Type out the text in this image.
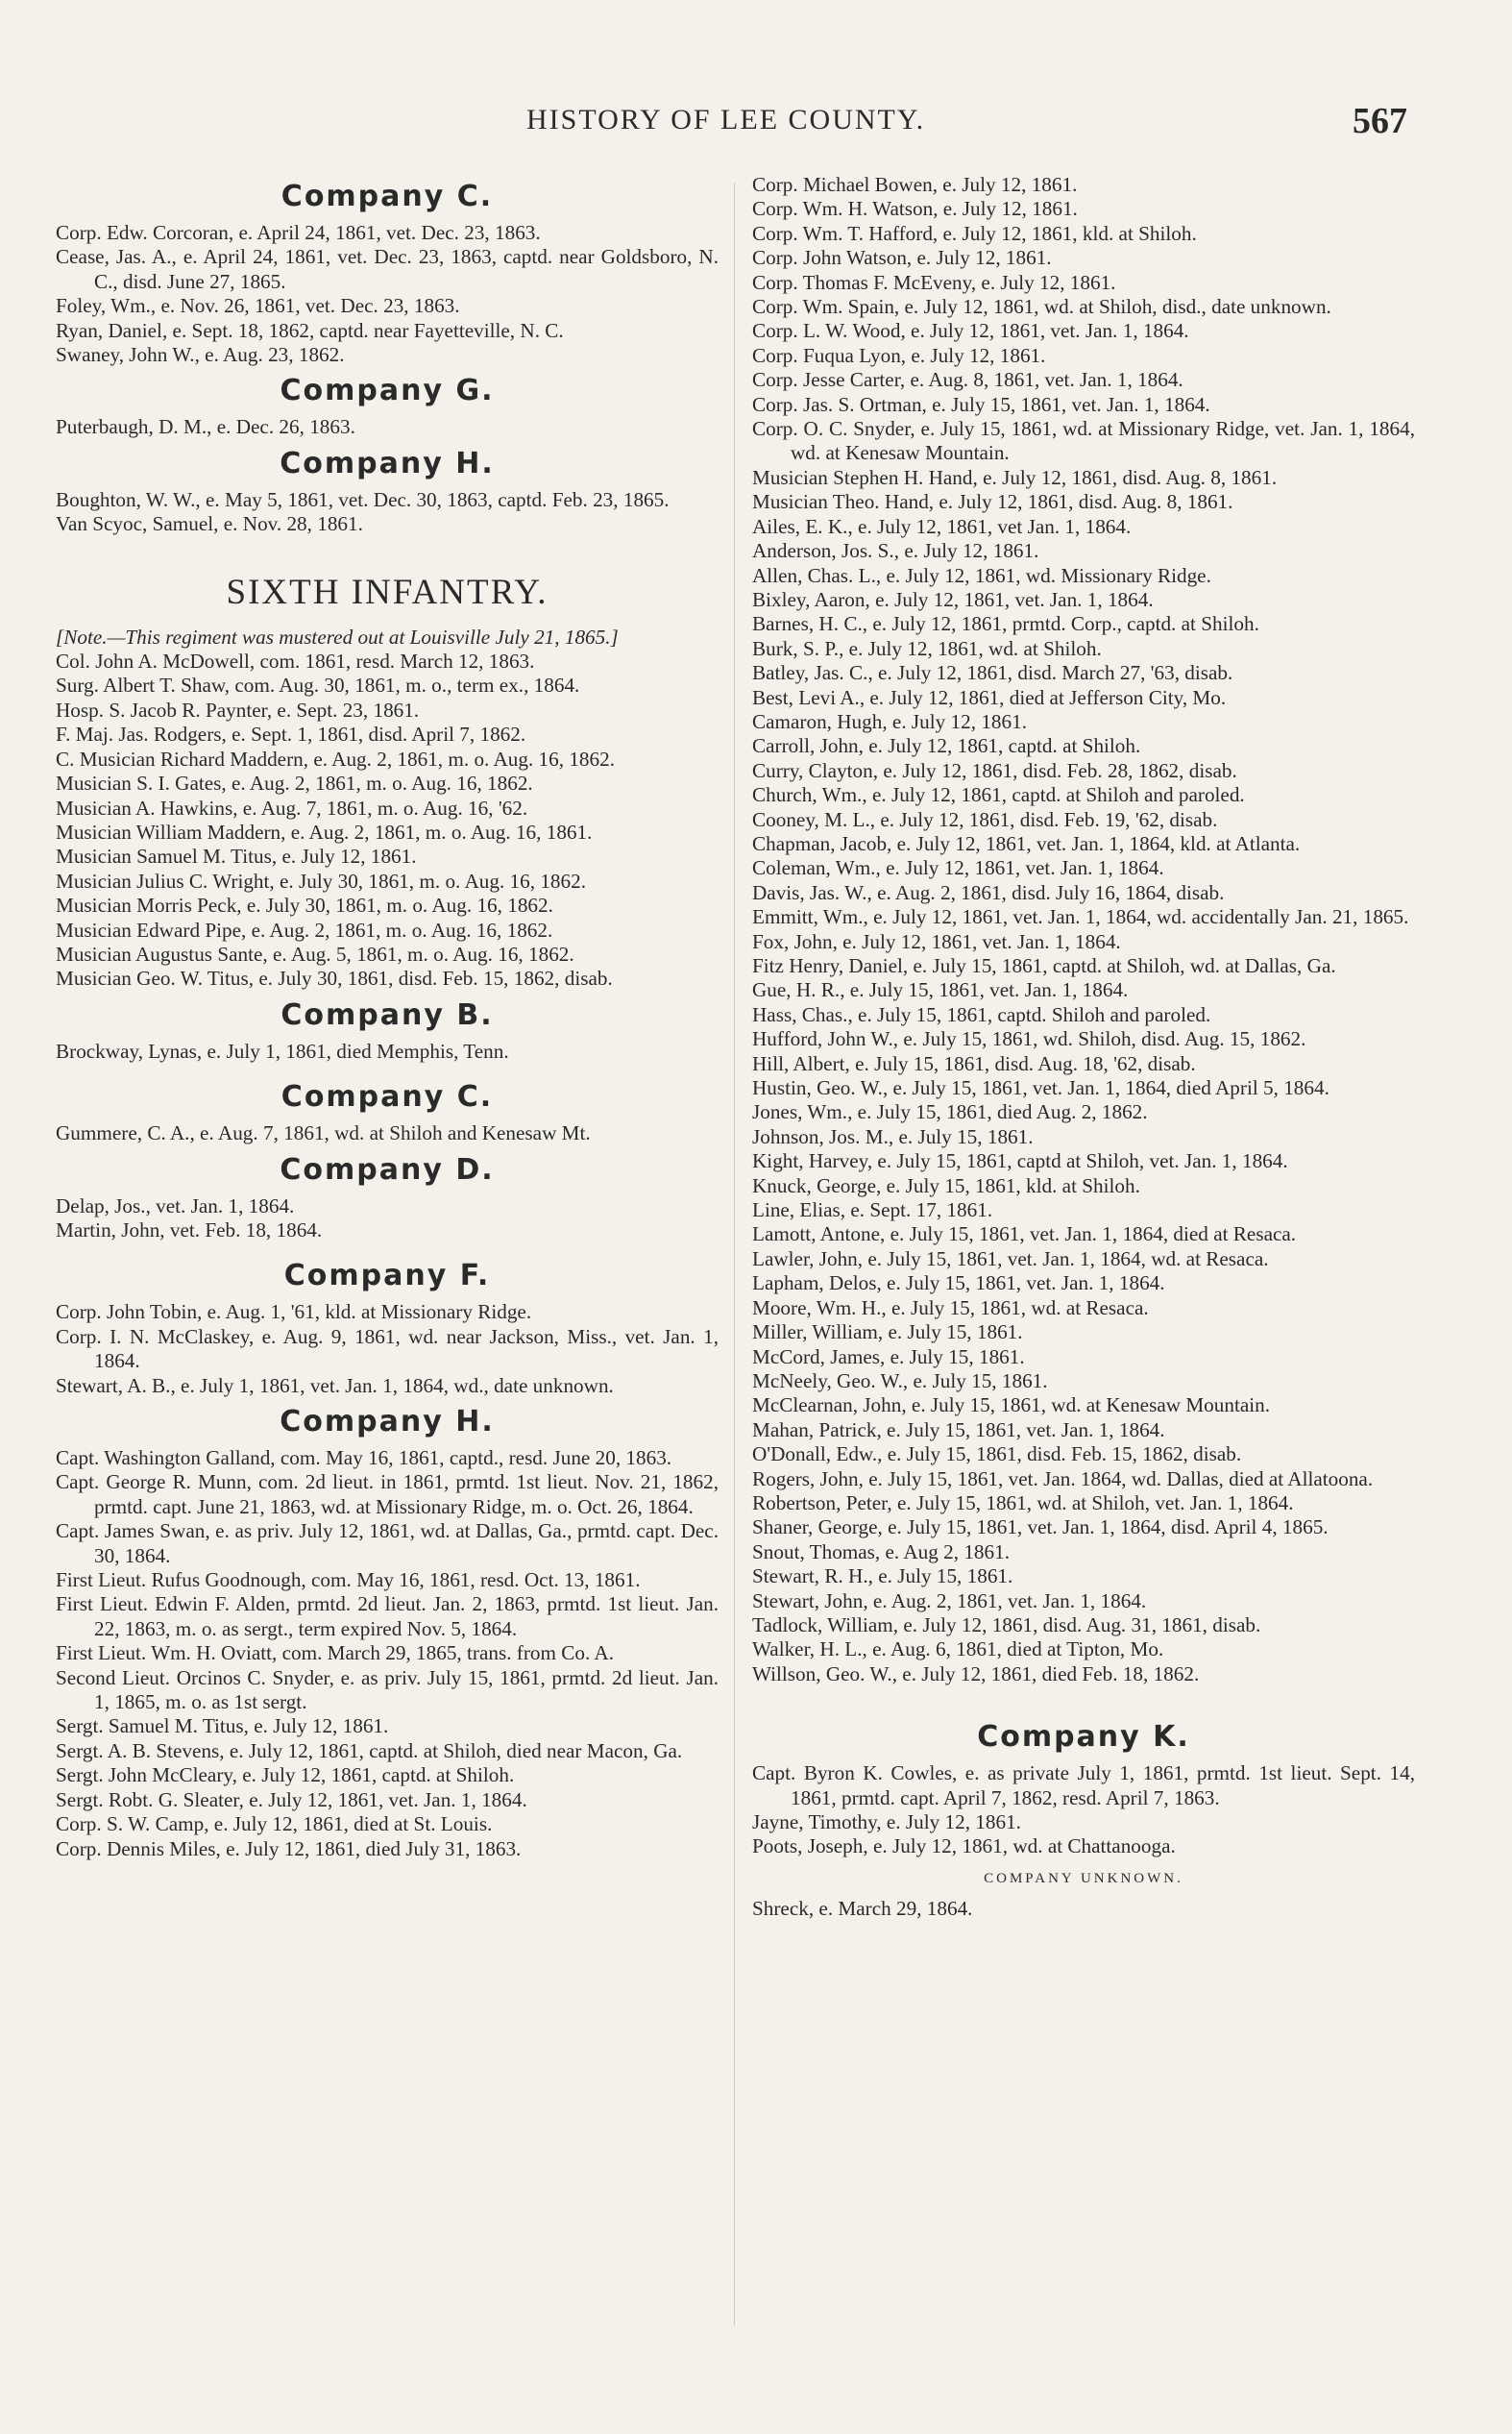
HISTORY OF LEE COUNTY.	567
Company C.

Corp. Edw. Corcoran, e. April 24, 1861, vet. Dec. 23, 1863.

Cease, Jas. A., e. April 24, 1861, vet. Dec. 23, 1863, captd. near Goldsboro, N. C., disd. June 27, 1865.

Foley, Wm., e. Nov. 26, 1861, vet. Dec. 23, 1863.

Ryan, Daniel, e. Sept. 18, 1862, captd. near Fayetteville, N. C.

Swaney, John W., e. Aug. 23, 1862.

Company G.

Puterbaugh, D. M., e. Dec. 26, 1863.

Company H.

Boughton, W. W., e. May 5, 1861, vet. Dec. 30, 1863, captd. Feb. 23, 1865.

Van Scyoc, Samuel, e. Nov. 28, 1861.

SIXTH INFANTRY.

[Note.—This regiment was mustered out at Louisville July 21, 1865.]

Col. John A. McDowell, com. 1861, resd. March 12, 1863.

Surg. Albert T. Shaw, com. Aug. 30, 1861, m. o., term ex., 1864.

Hosp. S. Jacob R. Paynter, e. Sept. 23, 1861.

F. Maj. Jas. Rodgers, e. Sept. 1, 1861, disd. April 7, 1862.

C. Musician Richard Maddern, e. Aug. 2, 1861, m. o. Aug. 16, 1862.

Musician S. I. Gates, e. Aug. 2, 1861, m. o. Aug. 16, 1862.

Musician A. Hawkins, e. Aug. 7, 1861, m. o. Aug. 16, '62.

Musician William Maddern, e. Aug. 2, 1861, m. o. Aug. 16, 1861.

Musician Samuel M. Titus, e. July 12, 1861.

Musician Julius C. Wright, e. July 30, 1861, m. o. Aug. 16, 1862.

Musician Morris Peck, e. July 30, 1861, m. o. Aug. 16, 1862.

Musician Edward Pipe, e. Aug. 2, 1861, m. o. Aug. 16, 1862.

Musician Augustus Sante, e. Aug. 5, 1861, m. o. Aug. 16, 1862.

Musician Geo. W. Titus, e. July 30, 1861, disd. Feb. 15, 1862, disab.

Company B.

Brockway, Lynas, e. July 1, 1861, died Memphis, Tenn.

Company C.

Gummere, C. A., e. Aug. 7, 1861, wd. at Shiloh and Kenesaw Mt.

Company D.

Delap, Jos., vet. Jan. 1, 1864.

Martin, John, vet. Feb. 18, 1864.

Company F.

Corp. John Tobin, e. Aug. 1, '61, kld. at Missionary Ridge.

Corp. I. N. McClaskey, e. Aug. 9, 1861, wd. near Jackson, Miss., vet. Jan. 1, 1864.

Stewart, A. B., e. July 1, 1861, vet. Jan. 1, 1864, wd., date unknown.

Company H.

Capt. Washington Galland, com. May 16, 1861, captd., resd. June 20, 1863.

Capt. George R. Munn, com. 2d lieut. in 1861, prmtd. 1st lieut. Nov. 21, 1862, prmtd. capt. June 21, 1863, wd. at Missionary Ridge, m. o. Oct. 26, 1864.

Capt. James Swan, e. as priv. July 12, 1861, wd. at Dallas, Ga., prmtd. capt. Dec. 30, 1864.

First Lieut. Rufus Goodnough, com. May 16, 1861, resd. Oct. 13, 1861.

First Lieut. Edwin F. Alden, prmtd. 2d lieut. Jan. 2, 1863, prmtd. 1st lieut. Jan. 22, 1863, m. o. as sergt., term expired Nov. 5, 1864.

First Lieut. Wm. H. Oviatt, com. March 29, 1865, trans. from Co. A.

Second Lieut. Orcinos C. Snyder, e. as priv. July 15, 1861, prmtd. 2d lieut. Jan. 1, 1865, m. o. as 1st sergt.

Sergt. Samuel M. Titus, e. July 12, 1861.

Sergt. A. B. Stevens, e. July 12, 1861, captd. at Shiloh, died near Macon, Ga.

Sergt. John McCleary, e. July 12, 1861, captd. at Shiloh.

Sergt. Robt. G. Sleater, e. July 12, 1861, vet. Jan. 1, 1864.

Corp. S. W. Camp, e. July 12, 1861, died at St. Louis.

Corp. Dennis Miles, e. July 12, 1861, died July 31, 1863.

Corp. Michael Bowen, e. July 12, 1861.

Corp. Wm. H. Watson, e. July 12, 1861.

Corp. Wm. T. Hafford, e. July 12, 1861, kld. at Shiloh.

Corp. John Watson, e. July 12, 1861.

Corp. Thomas F. McEveny, e. July 12, 1861.

Corp. Wm. Spain, e. July 12, 1861, wd. at Shiloh, disd., date unknown.

Corp. L. W. Wood, e. July 12, 1861, vet. Jan. 1, 1864.

Corp. Fuqua Lyon, e. July 12, 1861.

Corp. Jesse Carter, e. Aug. 8, 1861, vet. Jan. 1, 1864.

Corp. Jas. S. Ortman, e. July 15, 1861, vet. Jan. 1, 1864.

Corp. O. C. Snyder, e. July 15, 1861, wd. at Missionary Ridge, vet. Jan. 1, 1864, wd. at Kenesaw Mountain.

Musician Stephen H. Hand, e. July 12, 1861, disd. Aug. 8, 1861.

Musician Theo. Hand, e. July 12, 1861, disd. Aug. 8, 1861.

Ailes, E. K., e. July 12, 1861, vet Jan. 1, 1864.

Anderson, Jos. S., e. July 12, 1861.

Allen, Chas. L., e. July 12, 1861, wd. Missionary Ridge.

Bixley, Aaron, e. July 12, 1861, vet. Jan. 1, 1864.

Barnes, H. C., e. July 12, 1861, prmtd. Corp., captd. at Shiloh.

Burk, S. P., e. July 12, 1861, wd. at Shiloh.

Batley, Jas. C., e. July 12, 1861, disd. March 27, '63, disab.

Best, Levi A., e. July 12, 1861, died at Jefferson City, Mo.

Camaron, Hugh, e. July 12, 1861.

Carroll, John, e. July 12, 1861, captd. at Shiloh.

Curry, Clayton, e. July 12, 1861, disd. Feb. 28, 1862, disab.

Church, Wm., e. July 12, 1861, captd. at Shiloh and paroled.

Cooney, M. L., e. July 12, 1861, disd. Feb. 19, '62, disab.

Chapman, Jacob, e. July 12, 1861, vet. Jan. 1, 1864, kld. at Atlanta.

Coleman, Wm., e. July 12, 1861, vet. Jan. 1, 1864.

Davis, Jas. W., e. Aug. 2, 1861, disd. July 16, 1864, disab.

Emmitt, Wm., e. July 12, 1861, vet. Jan. 1, 1864, wd. accidentally Jan. 21, 1865.

Fox, John, e. July 12, 1861, vet. Jan. 1, 1864.

Fitz Henry, Daniel, e. July 15, 1861, captd. at Shiloh, wd. at Dallas, Ga.

Gue, H. R., e. July 15, 1861, vet. Jan. 1, 1864.

Hass, Chas., e. July 15, 1861, captd. Shiloh and paroled.

Hufford, John W., e. July 15, 1861, wd. Shiloh, disd. Aug. 15, 1862.

Hill, Albert, e. July 15, 1861, disd. Aug. 18, '62, disab.

Hustin, Geo. W., e. July 15, 1861, vet. Jan. 1, 1864, died April 5, 1864.

Jones, Wm., e. July 15, 1861, died Aug. 2, 1862.

Johnson, Jos. M., e. July 15, 1861.

Kight, Harvey, e. July 15, 1861, captd at Shiloh, vet. Jan. 1, 1864.

Knuck, George, e. July 15, 1861, kld. at Shiloh.

Line, Elias, e. Sept. 17, 1861.

Lamott, Antone, e. July 15, 1861, vet. Jan. 1, 1864, died at Resaca.

Lawler, John, e. July 15, 1861, vet. Jan. 1, 1864, wd. at Resaca.

Lapham, Delos, e. July 15, 1861, vet. Jan. 1, 1864.

Moore, Wm. H., e. July 15, 1861, wd. at Resaca.

Miller, William, e. July 15, 1861.

McCord, James, e. July 15, 1861.

McNeely, Geo. W., e. July 15, 1861.

McClearnan, John, e. July 15, 1861, wd. at Kenesaw Mountain.

Mahan, Patrick, e. July 15, 1861, vet. Jan. 1, 1864.

O'Donall, Edw., e. July 15, 1861, disd. Feb. 15, 1862, disab.

Rogers, John, e. July 15, 1861, vet. Jan. 1864, wd. Dallas, died at Allatoona.

Robertson, Peter, e. July 15, 1861, wd. at Shiloh, vet. Jan. 1, 1864.

Shaner, George, e. July 15, 1861, vet. Jan. 1, 1864, disd. April 4, 1865.

Snout, Thomas, e. Aug 2, 1861.

Stewart, R. H., e. July 15, 1861.

Stewart, John, e. Aug. 2, 1861, vet. Jan. 1, 1864.

Tadlock, William, e. July 12, 1861, disd. Aug. 31, 1861, disab.

Walker, H. L., e. Aug. 6, 1861, died at Tipton, Mo.

Willson, Geo. W., e. July 12, 1861, died Feb. 18, 1862.

Company K.

Capt. Byron K. Cowles, e. as private July 1, 1861, prmtd. 1st lieut. Sept. 14, 1861, prmtd. capt. April 7, 1862, resd. April 7, 1863.

Jayne, Timothy, e. July 12, 1861.

Poots, Joseph, e. July 12, 1861, wd. at Chattanooga.

COMPANY UNKNOWN.

Shreck, e. March 29, 1864.
